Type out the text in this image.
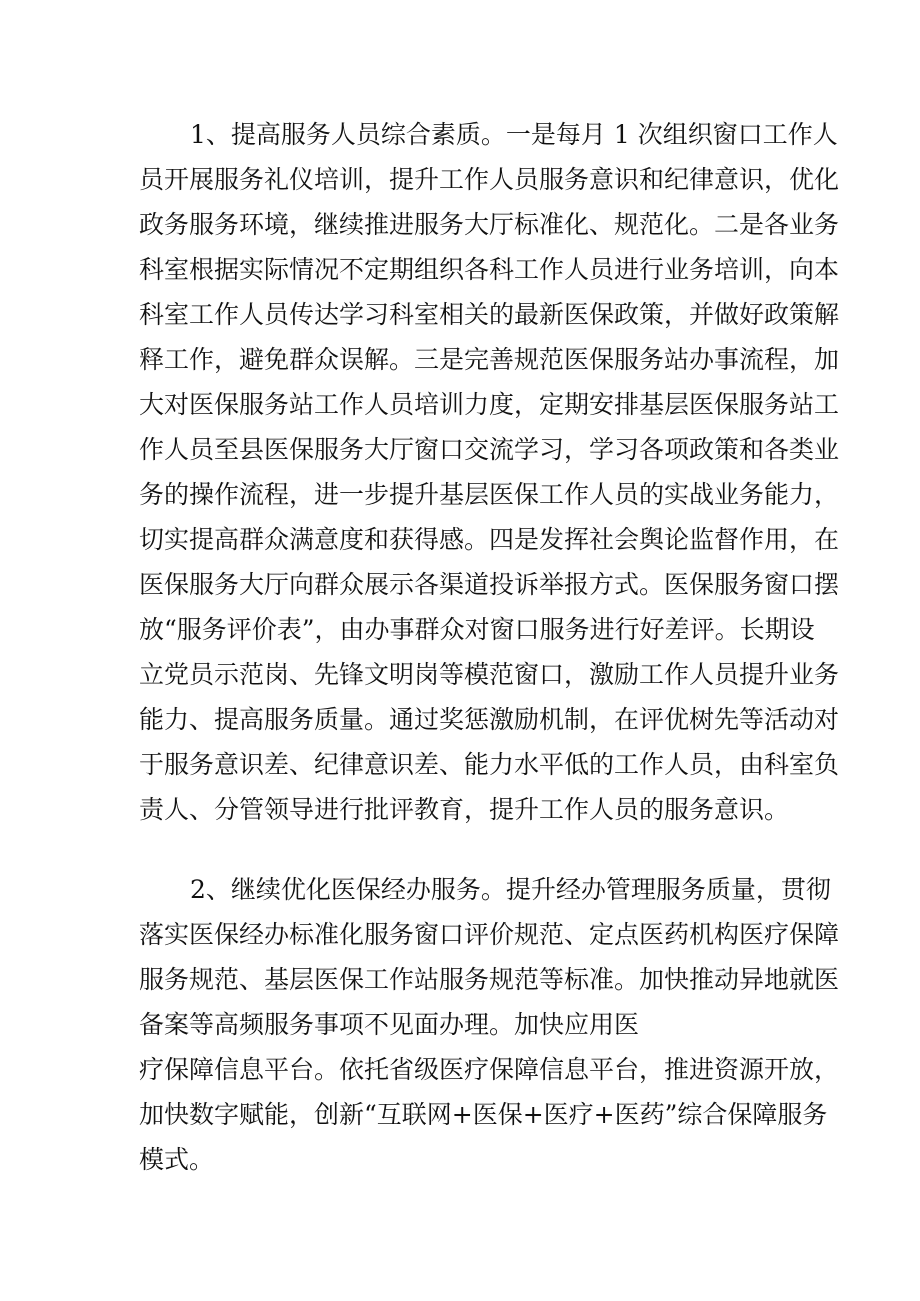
1、提高服务人员综合素质。一是每月 1 次组织窗口工作人

员开展服务礼仪培训，提升工作人员服务意识和纪律意识，优化

政务服务环境，继续推进服务大厅标准化、规范化。二是各业务

科室根据实际情况不定期组织各科工作人员进行业务培训，向本

科室工作人员传达学习科室相关的最新医保政策，并做好政策解

释工作，避免群众误解。三是完善规范医保服务站办事流程，加

大对医保服务站工作人员培训力度，定期安排基层医保服务站工

作人员至县医保服务大厅窗口交流学习，学习各项政策和各类业

务的操作流程，进一步提升基层医保工作人员的实战业务能力，

切实提高群众满意度和获得感。四是发挥社会舆论监督作用，在

医保服务大厅向群众展示各渠道投诉举报方式。医保服务窗口摆

放“服务评价表”，由办事群众对窗口服务进行好差评。长期设

立党员示范岗、先锋文明岗等模范窗口，激励工作人员提升业务

能力、提高服务质量。通过奖惩激励机制，在评优树先等活动对

于服务意识差、纪律意识差、能力水平低的工作人员，由科室负

责人、分管领导进行批评教育，提升工作人员的服务意识。

2、继续优化医保经办服务。提升经办管理服务质量，贯彻

落实医保经办标准化服务窗口评价规范、定点医药机构医疗保障

服务规范、基层医保工作站服务规范等标准。加快推动异地就医

备案等高频服务事项不见面办理。加快应用医

疗保障信息平台。依托省级医疗保障信息平台，推进资源开放，

加快数字赋能，创新“互联网+医保+医疗+医药”综合保障服务

模式。
